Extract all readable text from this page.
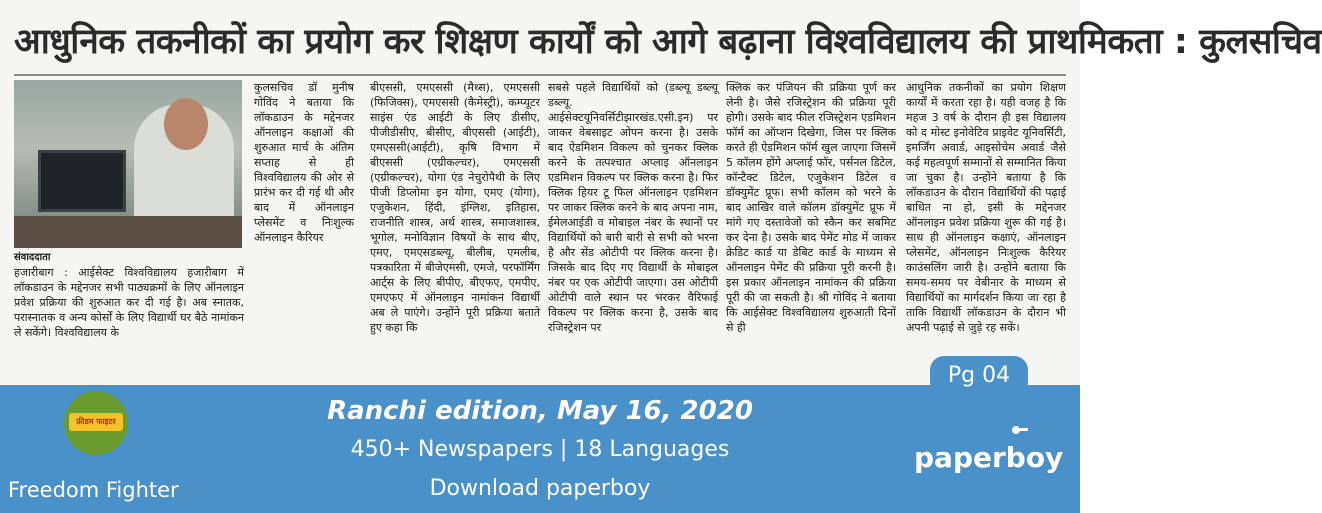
आधुनिक तकनीकों का प्रयोग कर शिक्षण कार्यों को आगे बढ़ाना विश्वविद्यालय की प्राथमिकता : कुलसचिव

संवाददाता

हजारीबाग : आईसेक्ट विश्वविद्यालय हजारीबाग में लॉकडाउन के मद्देनजर सभी पाठ्यक्रमों के लिए ऑनलाइन प्रवेश प्रक्रिया की शुरुआत कर दी गई है। अब स्नातक, परास्नातक व अन्य कोर्सों के लिए विद्यार्थी घर बैठे नामांकन ले सकेंगे। विश्वविद्यालय के

कुलसचिव डॉ मुनीष गोविंद ने बताया कि लॉकडाउन के मद्देनजर ऑनलाइन कक्षाओं की शुरुआत मार्च के अंतिम सप्ताह से ही विश्वविद्यालय की ओर से प्रारंभ कर दी गई थी और बाद में ऑनलाइन प्लेसमेंट व निःशुल्क ऑनलाइन कैरियर

बीएससी, एमएससी (मैथ्स), एमएससी (फिजिक्स), एमएससी (कैमेस्ट्री), कम्प्यूटर साइंस एंड आईटी के लिए डीसीए, पीजीडीसीए, बीसीए, बीएससी (आईटी), एमएससी(आईटी), कृषि विभाग में बीएससी (एग्रीकल्चर), एमएससी (एग्रीकल्चर), योगा एंड नेचुरोपैथी के लिए पीजी डिप्लोमा इन योगा, एमए (योगा), एजुकेशन, हिंदी, इंग्लिश, इतिहास, राजनीति शास्त्र, अर्थ शास्त्र, समाजशास्त्र, भूगोल, मनोविज्ञान विषयों के साथ बीए, एमए, एमएसडब्ल्यू, बीलीब, एमलीब, पत्रकारिता में बीजेएमसी, एमजे, परफॉर्मिंग आर्ट्स के लिए बीपीए, बीएफए, एमपीए, एमएफए में ऑनलाइन नामांकन विद्यार्थी अब ले पाएंगे। उन्होंने पूरी प्रक्रिया बताते हुए कहा कि

सबसे पहले विद्यार्थियों को (डब्ल्यू डब्ल्यू डब्ल्यू. आईसेक्टयूनिवर्सिटीझारखंड.एसी.इन) पर जाकर वेबसाइट ओपन करना है। उसके बाद ऐडमिशन विकल्प को चुनकर क्लिक करने के तत्पश्चात अप्लाइ ऑनलाइन एडमिशन विकल्प पर क्लिक करना है। फिर क्लिक हियर टू फिल ऑनलाइन एडमिशन पर जाकर क्लिक करने के बाद अपना नाम, ईमेलआईडी व मोबाइल नंबर के स्थानों पर विद्यार्थियों को बारी बारी से सभी को भरना है और सेंड ओटीपी पर क्लिक करना है। जिसके बाद दिए गए विद्यार्थी के मोबाइल नंबर पर एक ओटीपी जाएगा। उस ओटीपी ओटीपी वाले स्थान पर भरकर वैरिफाई विकल्प पर क्लिक करना है, उसके बाद रजिस्ट्रेशन पर

क्लिक कर पंजियन की प्रक्रिया पूर्ण कर लेनी है। जैसे रजिस्ट्रेशन की प्रक्रिया पूरी होगी। उसके बाद फील रजिस्ट्रेशन एडमिशन फॉर्म का ऑप्शन दिखेगा, जिस पर क्लिक करते ही ऐडमिशन फॉर्म खुल जाएगा जिसमें 5 कॉलम होंगे अप्लाई फॉर, पर्सनल डिटेल, कॉन्टैक्ट डिटेल, एजुकेशन डिटेल व डॉक्युमेंट प्रूफ। सभी कॉलम को भरने के बाद आखिर वाले कॉलम डॉक्युमेंट प्रूफ में मांगे गए दस्तावेजों को स्कैन कर सबमिट कर देना है। उसके बाद पेमेंट मोड में जाकर क्रेडिट कार्ड या डेबिट कार्ड के माध्यम से ऑनलाइन पेमेंट की प्रक्रिया पूरी करनी है। इस प्रकार ऑनलाइन नामांकन की प्रक्रिया पूरी की जा सकती है। श्री गोविंद ने बताया कि आईसेक्ट विश्वविद्यालय शुरुआती दिनों से ही

आधुनिक तकनीकों का प्रयोग शिक्षण कार्यों में करता रहा है। यही वजह है कि महज 3 वर्ष के दौरान ही इस विद्यालय को द मोस्ट इनोवेटिव प्राइवेट यूनिवर्सिटी, इमर्जिंग अवार्ड, आइसोचेम अवार्ड जैसे कई महत्वपूर्ण सम्मानों से सम्मानित किया जा चुका है। उन्होंने बताया है कि लॉकडाउन के दौरान विद्यार्थियों की पढ़ाई बाधित ना हो, इसी के मद्देनजर ऑनलाइन प्रवेश प्रक्रिया शुरू की गई है। साथ ही ऑनलाइन कक्षाएं, ऑनलाइन प्लेसमेंट, ऑनलाइन निःशुल्क कैरियर काउंसलिंग जारी है। उन्होंने बताया कि समय-समय पर वेबीनार के माध्यम से विद्यार्थियों का मार्गदर्शन किया जा रहा है ताकि विद्यार्थी लॉकडाउन के दौरान भी अपनी पढ़ाई से जुड़े रह सकें।

Pg 04
फ्रीडम फाइटर
Freedom Fighter
Ranchi edition, May 16, 2020
450+ Newspapers | 18 Languages
Download paperboy
paperboy
